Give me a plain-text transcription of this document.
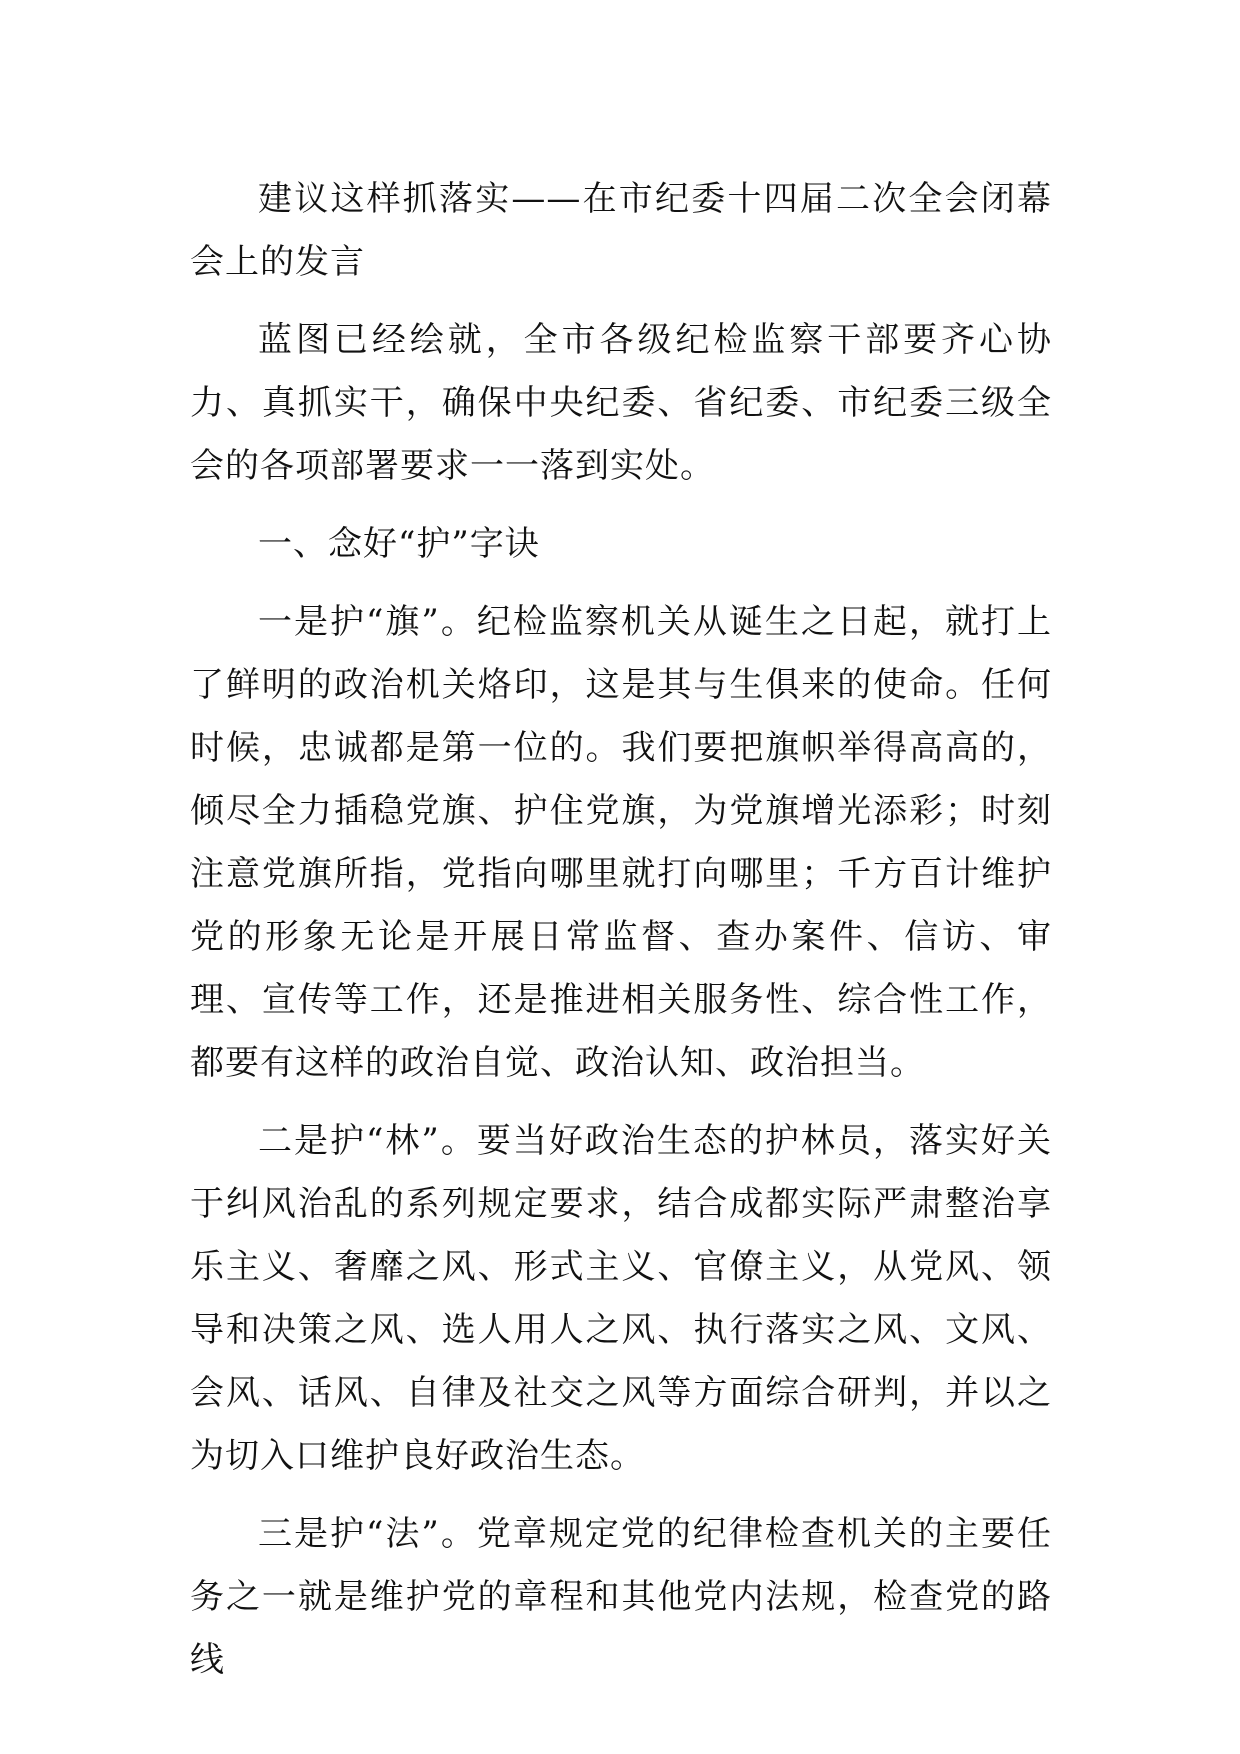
建议这样抓落实——在市纪委十四届二次全会闭幕会上的发言

蓝图已经绘就，全市各级纪检监察干部要齐心协力、真抓实干，确保中央纪委、省纪委、市纪委三级全会的各项部署要求一一落到实处。

一、念好“护”字诀

一是护“旗”。纪检监察机关从诞生之日起，就打上了鲜明的政治机关烙印，这是其与生俱来的使命。任何时候，忠诚都是第一位的。我们要把旗帜举得高高的，倾尽全力插稳党旗、护住党旗，为党旗增光添彩；时刻注意党旗所指，党指向哪里就打向哪里；千方百计维护党的形象无论是开展日常监督、查办案件、信访、审理、宣传等工作，还是推进相关服务性、综合性工作，都要有这样的政治自觉、政治认知、政治担当。

二是护“林”。要当好政治生态的护林员，落实好关于纠风治乱的系列规定要求，结合成都实际严肃整治享乐主义、奢靡之风、形式主义、官僚主义，从党风、领导和决策之风、选人用人之风、执行落实之风、文风、会风、话风、自律及社交之风等方面综合研判，并以之为切入口维护良好政治生态。

三是护“法”。党章规定党的纪律检查机关的主要任务之一就是维护党的章程和其他党内法规，检查党的路线
